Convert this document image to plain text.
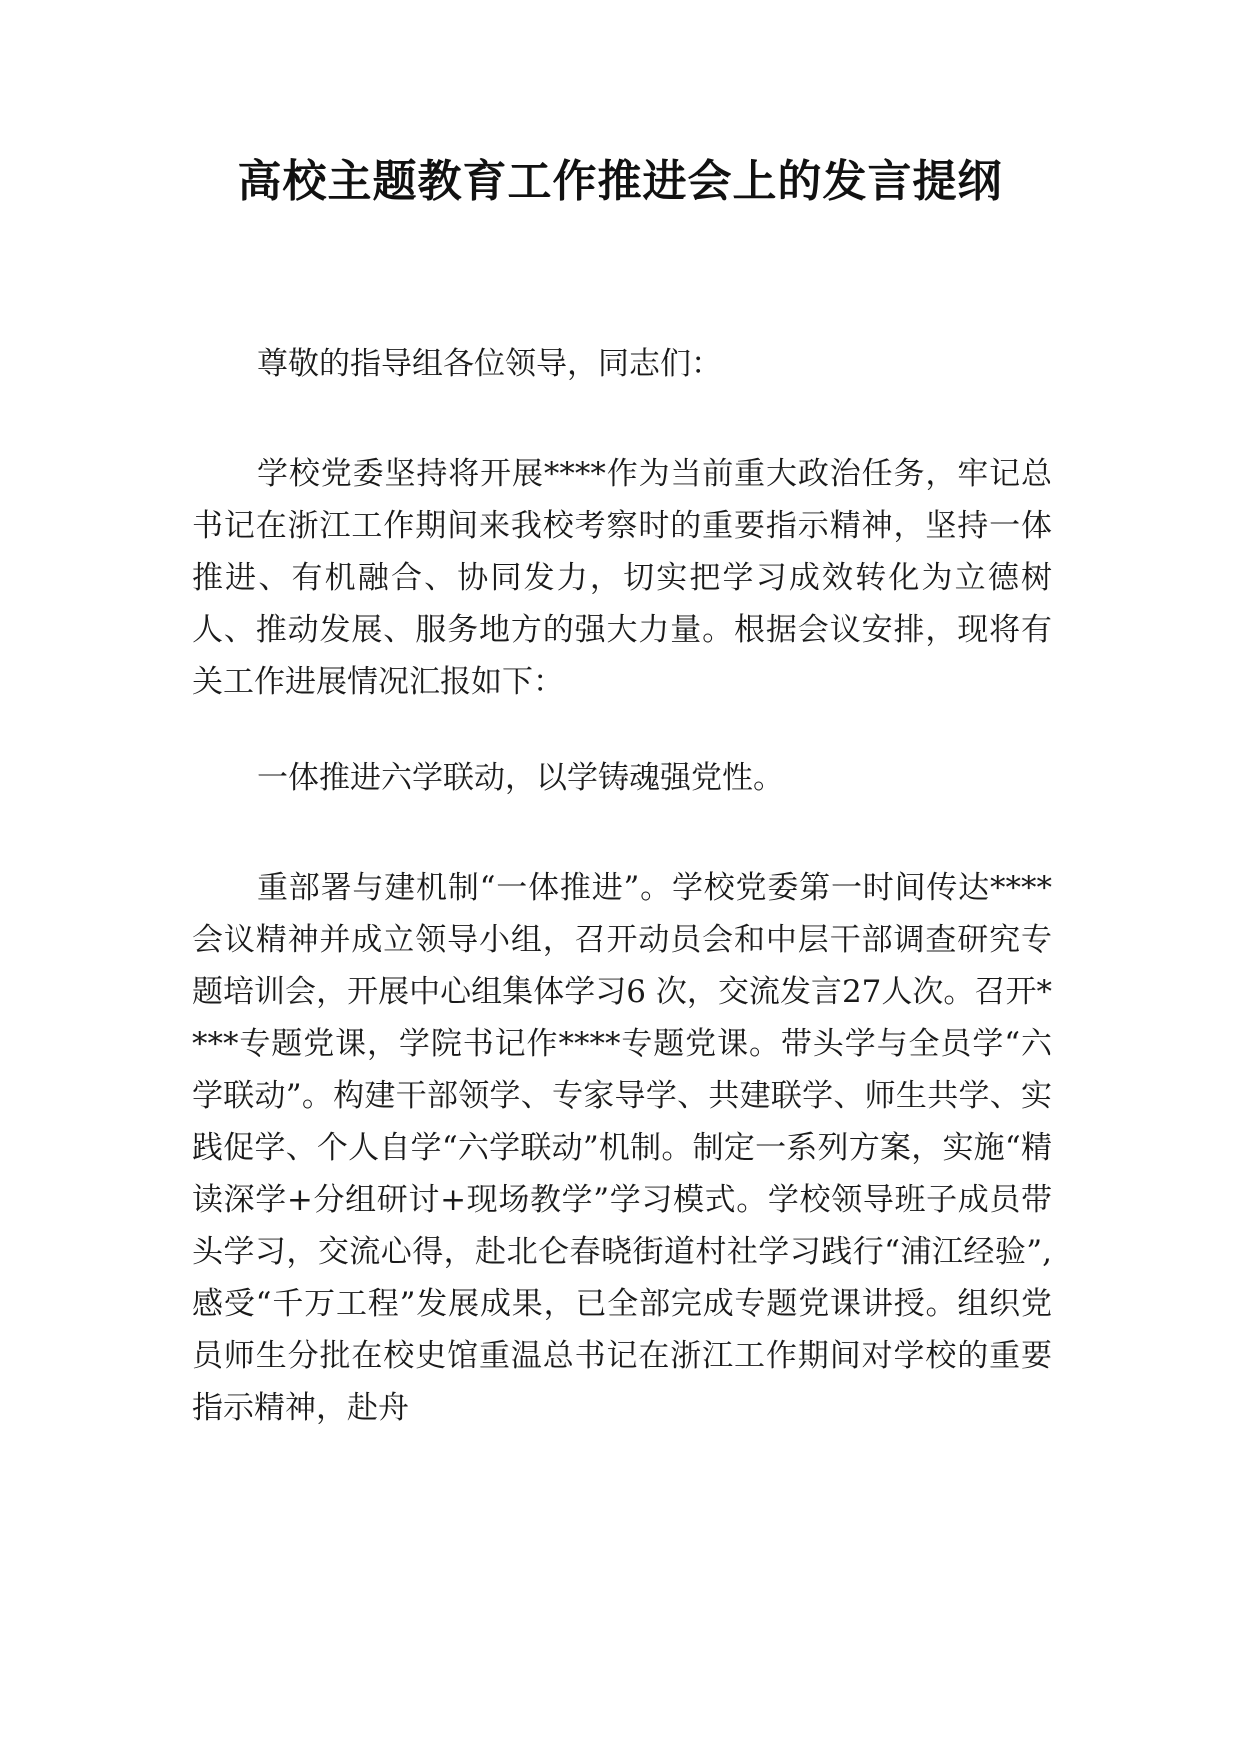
高校主题教育工作推进会上的发言提纲

尊敬的指导组各位领导，同志们：

学校党委坚持将开展****作为当前重大政治任务，牢记总书记在浙江工作期间来我校考察时的重要指示精神，坚持一体推进、有机融合、协同发力，切实把学习成效转化为立德树人、推动发展、服务地方的强大力量。根据会议安排，现将有关工作进展情况汇报如下：

一体推进六学联动，以学铸魂强党性。

重部署与建机制“一体推进”。学校党委第一时间传达****会议精神并成立领导小组，召开动员会和中层干部调查研究专题培训会，开展中心组集体学习6 次，交流发言27人次。召开****专题党课，学院书记作****专题党课。带头学与全员学“六学联动”。构建干部领学、专家导学、共建联学、师生共学、实践促学、个人自学“六学联动”机制。制定一系列方案，实施“精读深学+分组研讨+现场教学”学习模式。学校领导班子成员带头学习，交流心得，赴北仑春晓街道村社学习践行“浦江经验”,感受“千万工程”发展成果，已全部完成专题党课讲授。组织党员师生分批在校史馆重温总书记在浙江工作期间对学校的重要指示精神，赴舟
